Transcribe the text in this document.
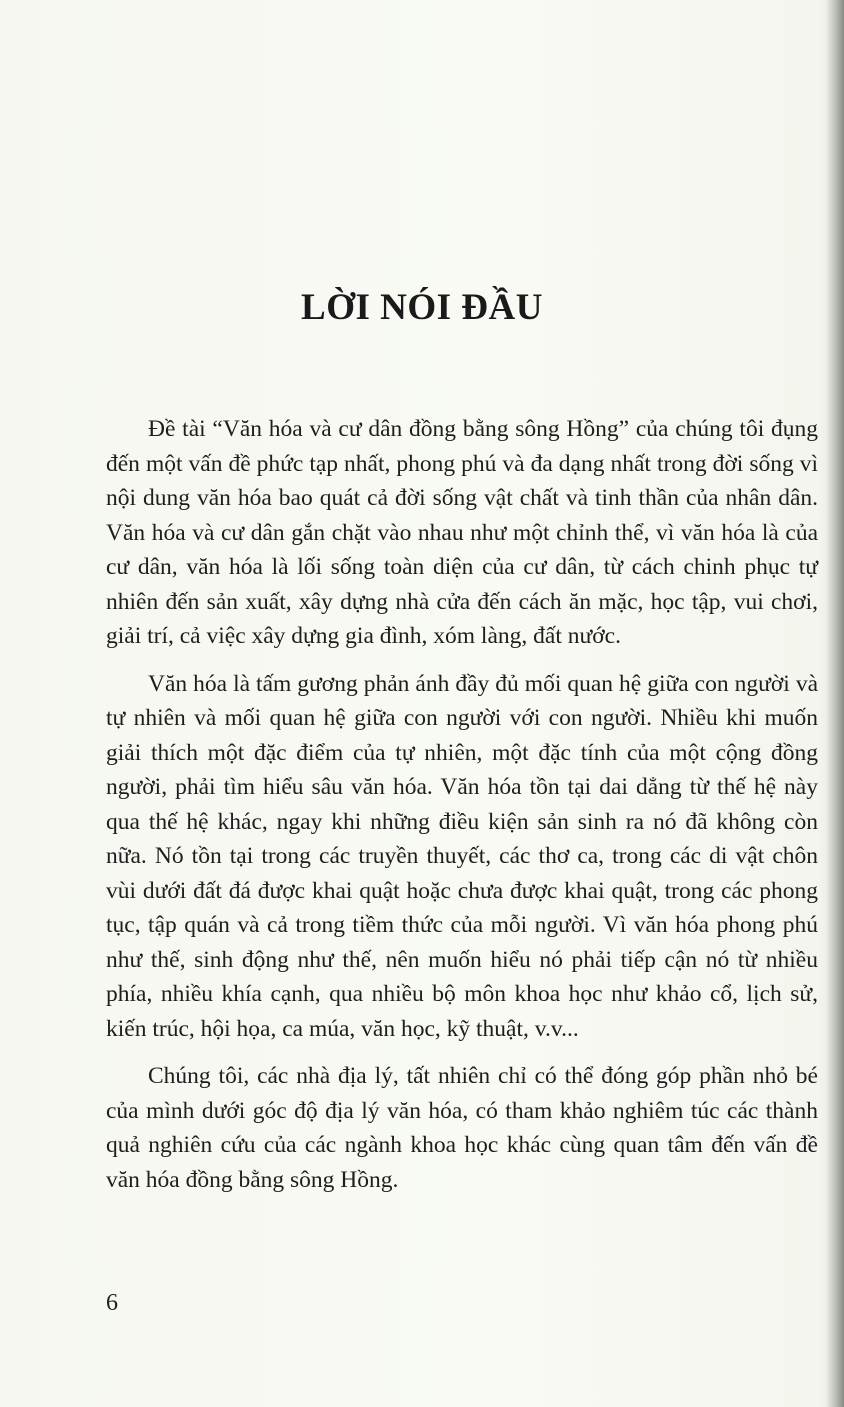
LỜI NÓI ĐẦU

Đề tài “Văn hóa và cư dân đồng bằng sông Hồng” của chúng tôi đụng đến một vấn đề phức tạp nhất, phong phú và đa dạng nhất trong đời sống vì nội dung văn hóa bao quát cả đời sống vật chất và tinh thần của nhân dân. Văn hóa và cư dân gắn chặt vào nhau như một chỉnh thể, vì văn hóa là của cư dân, văn hóa là lối sống toàn diện của cư dân, từ cách chinh phục tự nhiên đến sản xuất, xây dựng nhà cửa đến cách ăn mặc, học tập, vui chơi, giải trí, cả việc xây dựng gia đình, xóm làng, đất nước.

Văn hóa là tấm gương phản ánh đầy đủ mối quan hệ giữa con người và tự nhiên và mối quan hệ giữa con người với con người. Nhiều khi muốn giải thích một đặc điểm của tự nhiên, một đặc tính của một cộng đồng người, phải tìm hiểu sâu văn hóa. Văn hóa tồn tại dai dẳng từ thế hệ này qua thế hệ khác, ngay khi những điều kiện sản sinh ra nó đã không còn nữa. Nó tồn tại trong các truyền thuyết, các thơ ca, trong các di vật chôn vùi dưới đất đá được khai quật hoặc chưa được khai quật, trong các phong tục, tập quán và cả trong tiềm thức của mỗi người. Vì văn hóa phong phú như thế, sinh động như thế, nên muốn hiểu nó phải tiếp cận nó từ nhiều phía, nhiều khía cạnh, qua nhiều bộ môn khoa học như khảo cổ, lịch sử, kiến trúc, hội họa, ca múa, văn học, kỹ thuật, v.v...

Chúng tôi, các nhà địa lý, tất nhiên chỉ có thể đóng góp phần nhỏ bé của mình dưới góc độ địa lý văn hóa, có tham khảo nghiêm túc các thành quả nghiên cứu của các ngành khoa học khác cùng quan tâm đến vấn đề văn hóa đồng bằng sông Hồng.

6
